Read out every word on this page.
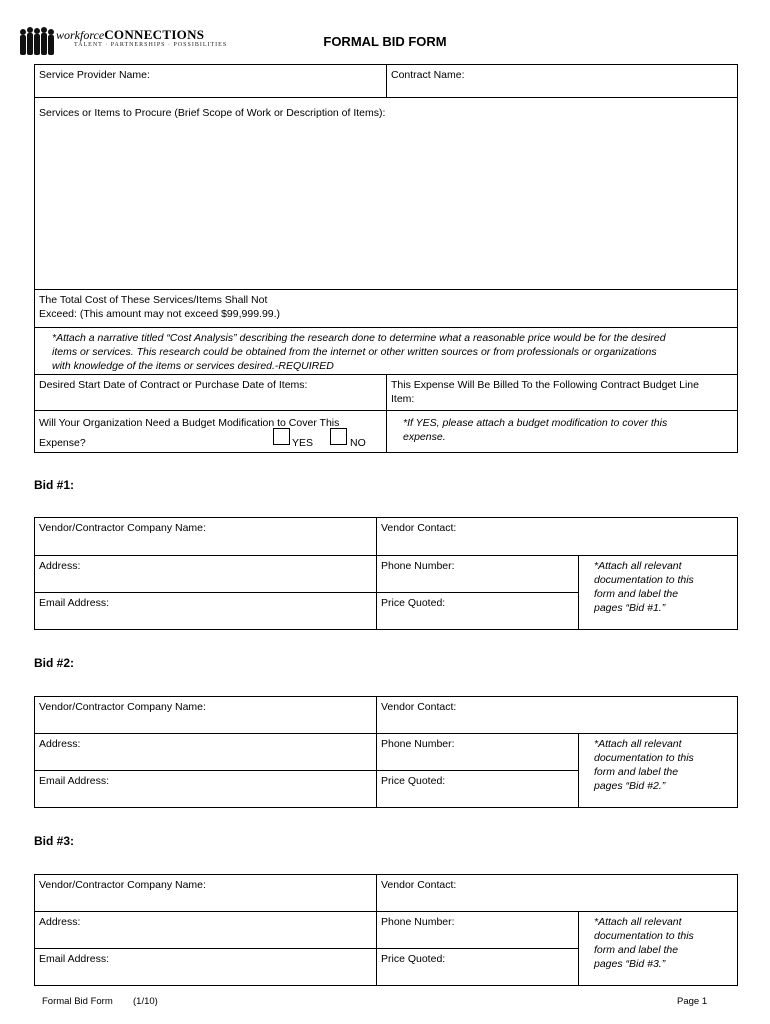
workforceCONNECTIONS
TALENT · PARTNERSHIPS · POSSIBILITIES	FORMAL BID FORM
Service Provider Name:	Contract Name:
Services or Items to Procure (Brief Scope of Work or Description of Items):
The Total Cost of These Services/Items Shall Not
Exceed: (This amount may not exceed $99,999.99.)
*Attach a narrative titled “Cost Analysis” describing the research done to determine what a reasonable price would be for the desired
items or services. This research could be obtained from the internet or other written sources or from professionals or organizations
with knowledge of the items or services desired.-REQUIRED
Desired Start Date of Contract or Purchase Date of Items:	This Expense Will Be Billed To the Following Contract Budget Line
Item:
Will Your Organization Need a Budget Modification to Cover This
Expense?	YES	NO
*If YES, please attach a budget modification to cover this
expense.
Bid #1:
Vendor/Contractor Company Name:	Vendor Contact:
Address:	Phone Number:
Email Address:	Price Quoted:
*Attach all relevant
documentation to this
form and label the
pages “Bid #1.”
Bid #2:
Vendor/Contractor Company Name:	Vendor Contact:
Address:	Phone Number:
Email Address:	Price Quoted:
*Attach all relevant
documentation to this
form and label the
pages “Bid #2.”
Bid #3:
Vendor/Contractor Company Name:	Vendor Contact:
Address:	Phone Number:
Email Address:	Price Quoted:
*Attach all relevant
documentation to this
form and label the
pages “Bid #3.”
Formal Bid Form (1/10)	Page 1
